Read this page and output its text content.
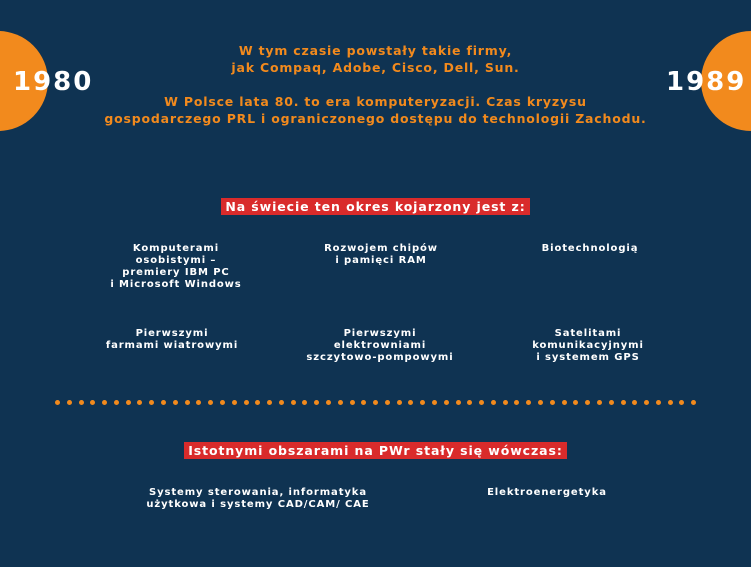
1980	1989
W tym czasie powstały takie firmy,
jak Compaq, Adobe, Cisco, Dell, Sun.
W Polsce lata 80. to era komputeryzacji. Czas kryzysu
gospodarczego PRL i ograniczonego dostępu do technologii Zachodu.
Na świecie ten okres kojarzony jest z:
Komputerami
osobistymi –
premiery IBM PC
i Microsoft Windows
Rozwojem chipów
i pamięci RAM
Biotechnologią
Pierwszymi
farmami wiatrowymi
Pierwszymi
elektrowniami
szczytowo-pompowymi
Satelitami
komunikacyjnymi
i systemem GPS
Istotnymi obszarami na PWr stały się wówczas:
Systemy sterowania, informatyka
użytkowa i systemy CAD/CAM/ CAE
Elektroenergetyka
